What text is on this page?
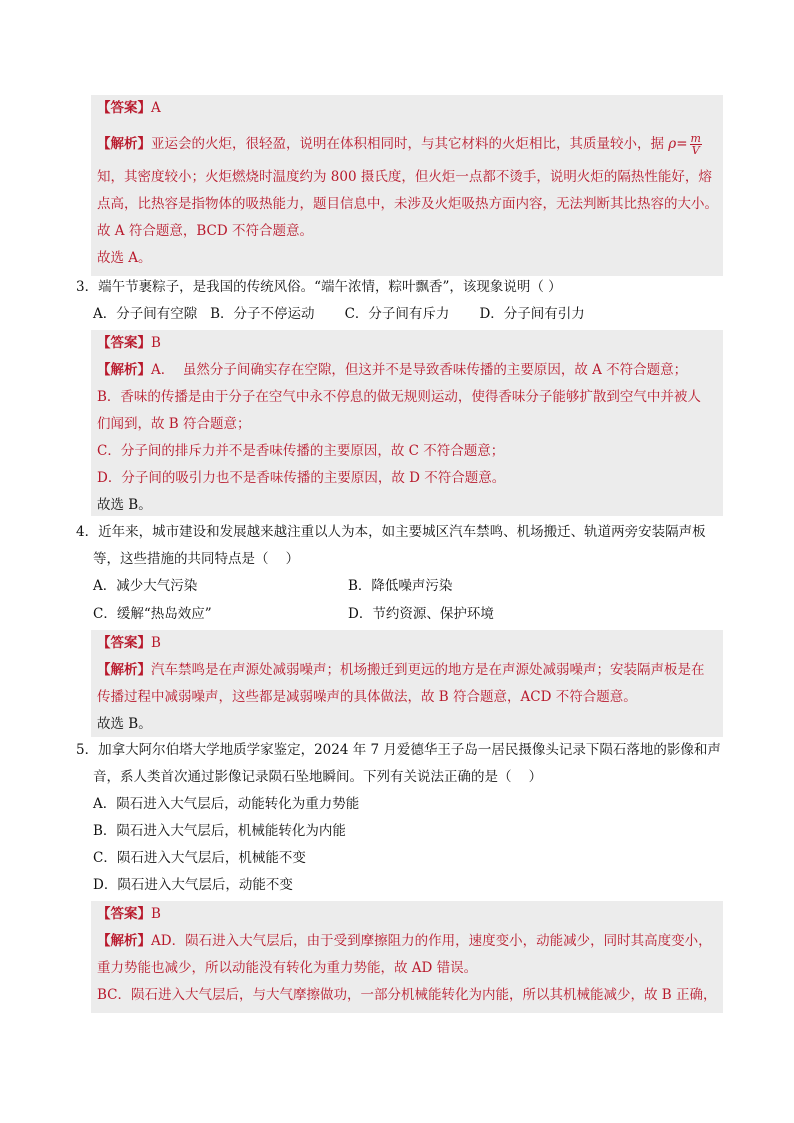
【答案】A
【解析】亚运会的火炬，很轻盈，说明在体积相同时，与其它材料的火炬相比，其质量较小，据 $\rho= \frac{m}{V}$
知，其密度较小；火炬燃烧时温度约为 800 摄氏度，但火炬一点都不烫手，说明火炬的隔热性能好，熔
点高，比热容是指物体的吸热能力，题目信息中，未涉及火炬吸热方面内容，无法判断其比热容的大小。
故 A 符合题意，BCD 不符合题意。
故选 A。
3．端午节裹粽子，是我国的传统风俗。“端午浓情，粽叶飘香”，该现象说明（ ）
A．分子间有空隙   B．分子不停运动       C．分子间有斥力       D．分子间有引力
【答案】B
【解析】A．  虽然分子间确实存在空隙，但这并不是导致香味传播的主要原因，故 A 不符合题意；
B．香味的传播是由于分子在空气中永不停息的做无规则运动，使得香味分子能够扩散到空气中并被人
们闻到，故 B 符合题意；
C．分子间的排斥力并不是香味传播的主要原因，故 C 不符合题意；
D．分子间的吸引力也不是香味传播的主要原因，故 D 不符合题意。
故选 B。
4．近年来，城市建设和发展越来越注重以人为本，如主要城区汽车禁鸣、机场搬迁、轨道两旁安装隔声板
等，这些措施的共同特点是（    ）
A．减少大气污染	B．降低噪声污染
C．缓解“热岛效应”	D．节约资源、保护环境
【答案】B
【解析】汽车禁鸣是在声源处减弱噪声；机场搬迁到更远的地方是在声源处减弱噪声；安装隔声板是在
传播过程中减弱噪声，这些都是减弱噪声的具体做法，故 B 符合题意，ACD 不符合题意。
故选 B。
5．加拿大阿尔伯塔大学地质学家鉴定，2024 年 7 月爱德华王子岛一居民摄像头记录下陨石落地的影像和声
音，系人类首次通过影像记录陨石坠地瞬间。下列有关说法正确的是（    ）
A．陨石进入大气层后，动能转化为重力势能
B．陨石进入大气层后，机械能转化为内能
C．陨石进入大气层后，机械能不变
D．陨石进入大气层后，动能不变
【答案】B
【解析】AD．陨石进入大气层后，由于受到摩擦阻力的作用，速度变小，动能减少，同时其高度变小，
重力势能也减少，所以动能没有转化为重力势能，故 AD 错误。
BC．陨石进入大气层后，与大气摩擦做功，一部分机械能转化为内能，所以其机械能减少，故 B 正确，
